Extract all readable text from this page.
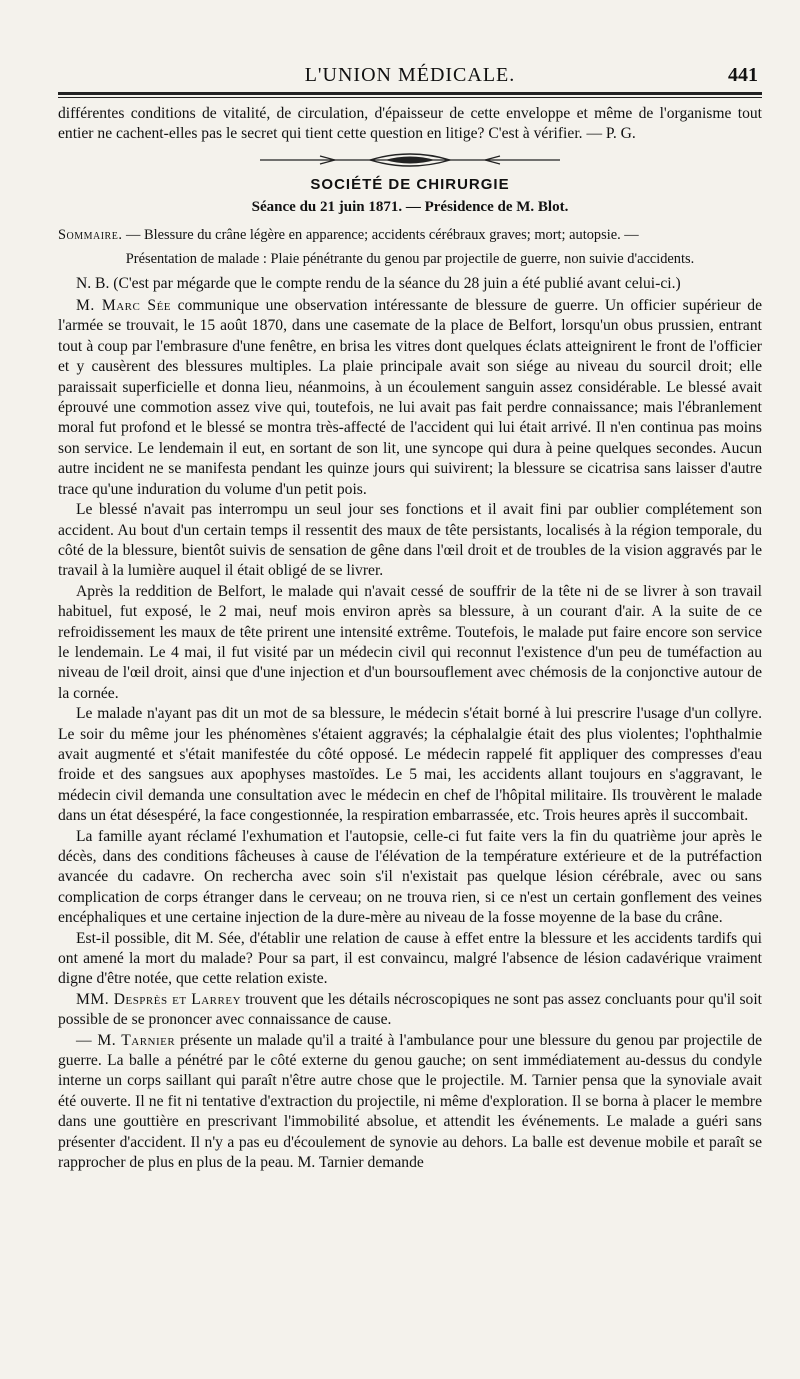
L'UNION MÉDICALE.	441

différentes conditions de vitalité, de circulation, d'épaisseur de cette enveloppe et même de l'organisme tout entier ne cachent-elles pas le secret qui tient cette question en litige? C'est à vérifier. — P. G.

SOCIÉTÉ DE CHIRURGIE
Séance du 21 juin 1871. — Présidence de M. Blot.

Sommaire. — Blessure du crâne légère en apparence; accidents cérébraux graves; mort; autopsie. —

Présentation de malade : Plaie pénétrante du genou par projectile de guerre, non suivie d'accidents.

N. B. (C'est par mégarde que le compte rendu de la séance du 28 juin a été publié avant celui-ci.)

M. Marc Sée communique une observation intéressante de blessure de guerre. Un officier supérieur de l'armée se trouvait, le 15 août 1870, dans une casemate de la place de Belfort, lorsqu'un obus prussien, entrant tout à coup par l'embrasure d'une fenêtre, en brisa les vitres dont quelques éclats atteignirent le front de l'officier et y causèrent des blessures multiples. La plaie principale avait son siége au niveau du sourcil droit; elle paraissait superficielle et donna lieu, néanmoins, à un écoulement sanguin assez considérable. Le blessé avait éprouvé une commotion assez vive qui, toutefois, ne lui avait pas fait perdre connaissance; mais l'ébranlement moral fut profond et le blessé se montra très-affecté de l'accident qui lui était arrivé. Il n'en continua pas moins son service. Le lendemain il eut, en sortant de son lit, une syncope qui dura à peine quelques secondes. Aucun autre incident ne se manifesta pendant les quinze jours qui suivirent; la blessure se cicatrisa sans laisser d'autre trace qu'une induration du volume d'un petit pois.

Le blessé n'avait pas interrompu un seul jour ses fonctions et il avait fini par oublier complétement son accident. Au bout d'un certain temps il ressentit des maux de tête persistants, localisés à la région temporale, du côté de la blessure, bientôt suivis de sensation de gêne dans l'œil droit et de troubles de la vision aggravés par le travail à la lumière auquel il était obligé de se livrer.

Après la reddition de Belfort, le malade qui n'avait cessé de souffrir de la tête ni de se livrer à son travail habituel, fut exposé, le 2 mai, neuf mois environ après sa blessure, à un courant d'air. A la suite de ce refroidissement les maux de tête prirent une intensité extrême. Toutefois, le malade put faire encore son service le lendemain. Le 4 mai, il fut visité par un médecin civil qui reconnut l'existence d'un peu de tuméfaction au niveau de l'œil droit, ainsi que d'une injection et d'un boursouflement avec chémosis de la conjonctive autour de la cornée.

Le malade n'ayant pas dit un mot de sa blessure, le médecin s'était borné à lui prescrire l'usage d'un collyre. Le soir du même jour les phénomènes s'étaient aggravés; la céphalalgie était des plus violentes; l'ophthalmie avait augmenté et s'était manifestée du côté opposé. Le médecin rappelé fit appliquer des compresses d'eau froide et des sangsues aux apophyses mastoïdes. Le 5 mai, les accidents allant toujours en s'aggravant, le médecin civil demanda une consultation avec le médecin en chef de l'hôpital militaire. Ils trouvèrent le malade dans un état désespéré, la face congestionnée, la respiration embarrassée, etc. Trois heures après il succombait.

La famille ayant réclamé l'exhumation et l'autopsie, celle-ci fut faite vers la fin du quatrième jour après le décès, dans des conditions fâcheuses à cause de l'élévation de la température extérieure et de la putréfaction avancée du cadavre. On rechercha avec soin s'il n'existait pas quelque lésion cérébrale, avec ou sans complication de corps étranger dans le cerveau; on ne trouva rien, si ce n'est un certain gonflement des veines encéphaliques et une certaine injection de la dure-mère au niveau de la fosse moyenne de la base du crâne.

Est-il possible, dit M. Sée, d'établir une relation de cause à effet entre la blessure et les accidents tardifs qui ont amené la mort du malade? Pour sa part, il est convaincu, malgré l'absence de lésion cadavérique vraiment digne d'être notée, que cette relation existe.

MM. Desprès et Larrey trouvent que les détails nécroscopiques ne sont pas assez concluants pour qu'il soit possible de se prononcer avec connaissance de cause.

— M. Tarnier présente un malade qu'il a traité à l'ambulance pour une blessure du genou par projectile de guerre. La balle a pénétré par le côté externe du genou gauche; on sent immédiatement au-dessus du condyle interne un corps saillant qui paraît n'être autre chose que le projectile. M. Tarnier pensa que la synoviale avait été ouverte. Il ne fit ni tentative d'extraction du projectile, ni même d'exploration. Il se borna à placer le membre dans une gouttière en prescrivant l'immobilité absolue, et attendit les événements. Le malade a guéri sans présenter d'accident. Il n'y a pas eu d'écoulement de synovie au dehors. La balle est devenue mobile et paraît se rapprocher de plus en plus de la peau. M. Tarnier demande
